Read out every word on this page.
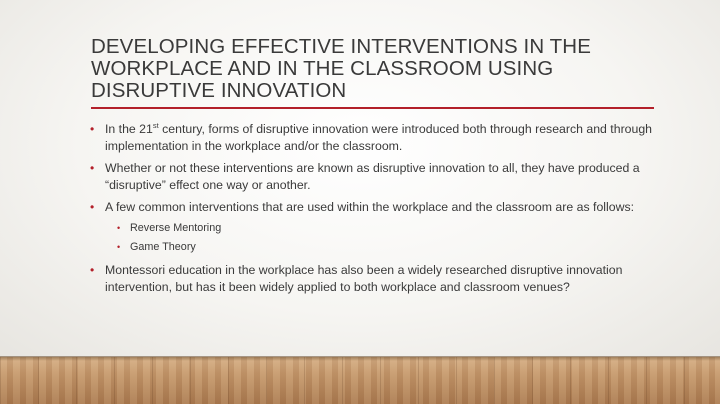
DEVELOPING EFFECTIVE INTERVENTIONS IN THE WORKPLACE AND IN THE CLASSROOM USING DISRUPTIVE INNOVATION
• In the 21st century, forms of disruptive innovation were introduced both through research and through implementation in the workplace and/or the classroom.
• Whether or not these interventions are known as disruptive innovation to all, they have produced a “disruptive” effect one way or another.
• A few common interventions that are used within the workplace and the classroom are as follows:
• Reverse Mentoring
• Game Theory
• Montessori education in the workplace has also been a widely researched disruptive innovation intervention, but has it been widely applied to both workplace and classroom venues?
